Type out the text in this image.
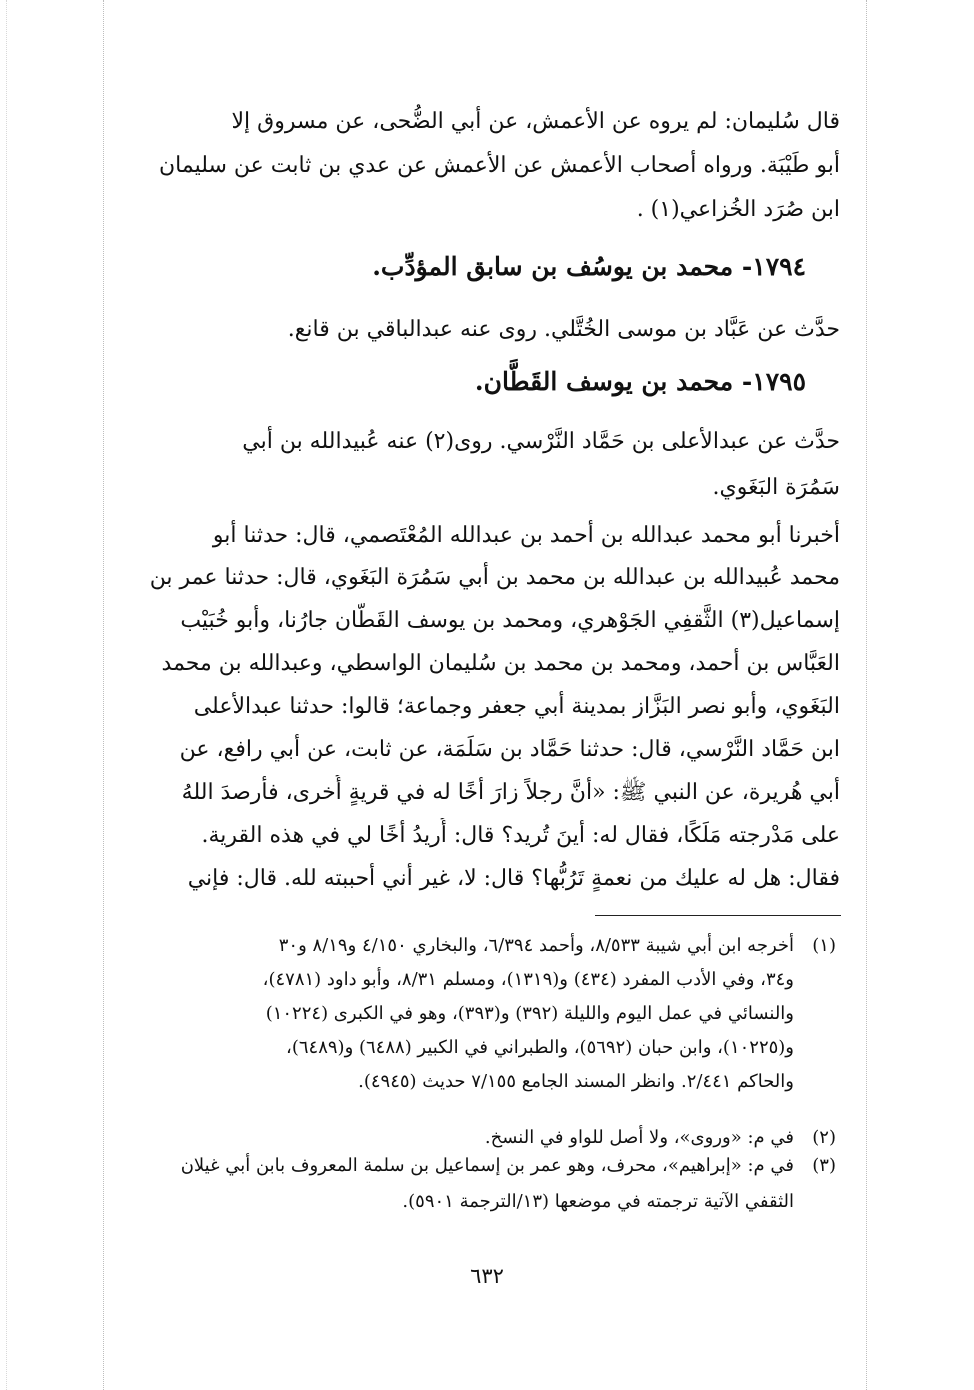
قال سُليمان: لم يروه عن الأعمش، عن أبي الضُّحى، عن مسروق إلا
أبو طَيْبَة. ورواه أصحاب الأعمش عن الأعمش عن عدي بن ثابت عن سليمان
ابن صُرَد الخُزاعي(١) .
١٧٩٤- محمد بن يوسُف بن سابق المؤدِّب.
حدَّث عن عَبَّاد بن موسى الخُتَّلي. روى عنه عبدالباقي بن قانع.
١٧٩٥- محمد بن يوسف القَطَّان.
حدَّث عن عبدالأعلى بن حَمَّاد النَّرْسي. روى(٢) عنه عُبيدالله بن أبي
سَمُرَة البَغَوي.
أخبرنا أبو محمد عبدالله بن أحمد بن عبدالله المُعْتَصمي، قال: حدثنا أبو
محمد عُبيدالله بن عبدالله بن محمد بن أبي سَمُرَة البَغَوي، قال: حدثنا عمر بن
إسماعيل(٣) الثَّقفِي الجَوْهري، ومحمد بن يوسف القَطَّان جارُنا، وأبو خُبَيْب
العَبَّاس بن أحمد، ومحمد بن محمد بن سُليمان الواسطي، وعبدالله بن محمد
البَغَوي، وأبو نصر البَزَّاز بمدينة أبي جعفر وجماعة؛ قالوا: حدثنا عبدالأعلى
ابن حَمَّاد النَّرْسي، قال: حدثنا حَمَّاد بن سَلَمَة، عن ثابت، عن أبي رافع، عن
أبي هُريرة، عن النبي ﷺ: «أنَّ رجلاً زارَ أخًا له في قريةٍ أُخرى، فأرصدَ اللهُ
على مَدْرجته مَلَكًا، فقال له: أينَ تُريد؟ قال: أُريدُ أخًا لي في هذه القرية.
فقال: هل له عليك من نعمةٍ تَرُبُّها؟ قال: لا، غير أني أحببته لله. قال: فإني
(١)
(٢)
(٣)
أخرجه ابن أبي شيبة ٨/٥٣٣، وأحمد ٦/٣٩٤، والبخاري ٤/١٥٠ و٨/١٩ و٣٠
و٣٤، وفي الأدب المفرد (٤٣٤) و(١٣١٩)، ومسلم ٨/٣١، وأبو داود (٤٧٨١)،
والنسائي في عمل اليوم والليلة (٣٩٢) و(٣٩٣)، وهو في الكبرى (١٠٢٢٤)
و(١٠٢٢٥)، وابن حبان (٥٦٩٢)، والطبراني في الكبير (٦٤٨٨) و(٦٤٨٩)،
والحاكم ٢/٤٤١. وانظر المسند الجامع ٧/١٥٥ حديث (٤٩٤٥).
في م: «وروى»، ولا أصل للواو في النسخ.
في م: «إبراهيم»، محرف، وهو عمر بن إسماعيل بن سلمة المعروف بابن أبي غيلان
الثقفي الآتية ترجمته في موضعها (١٣/الترجمة ٥٩٠١).
٦٣٢
